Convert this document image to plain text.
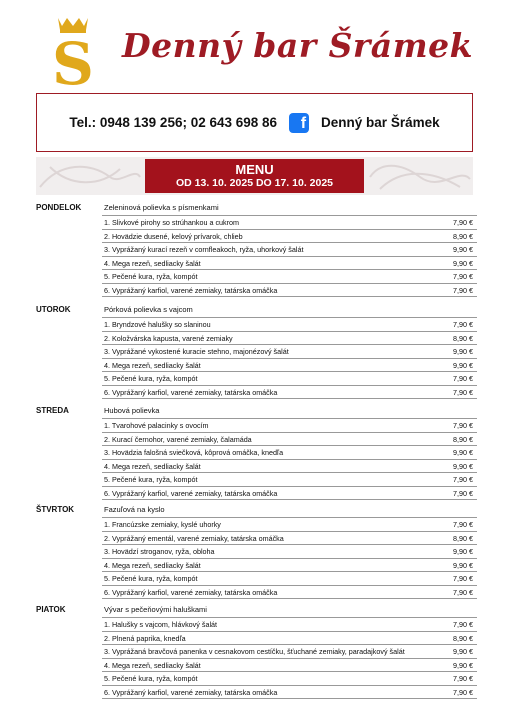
S Denný bar Šrámek
Tel.: 0948 139 256; 02 643 698 86	f Denný bar Šrámek
MENU
OD 13. 10. 2025 DO 17. 10. 2025
PONDELOK	Zeleninová polievka s písmenkami
1. Slivkové pirohy so strúhankou a cukrom	7,90 €
2. Hovädzie dusené, kelový prívarok, chlieb	8,90 €
3. Vyprážaný kurací rezeň v cornfleakoch, ryža, uhorkový šalát	9,90 €
4. Mega rezeň, sedliacky šalát	9,90 €
5. Pečené kura, ryža, kompót	7,90 €
6. Vyprážaný karfiol, varené zemiaky, tatárska omáčka	7,90 €
UTOROK	Pórková polievka s vajcom
1. Bryndzové halušky so slaninou	7,90 €
2. Koložvárska kapusta, varené zemiaky	8,90 €
3. Vyprážané vykostené kuracie stehno, majonézový šalát	9,90 €
4. Mega rezeň, sedliacky šalát	9,90 €
5. Pečené kura, ryža, kompót	7,90 €
6. Vyprážaný karfiol, varené zemiaky, tatárska omáčka	7,90 €
STREDA	Hubová polievka
1. Tvarohové palacinky s ovocím	7,90 €
2. Kurací černohor, varené zemiaky, čalamáda	8,90 €
3. Hovädzia falošná sviečková, kôprová omáčka, knedľa	9,90 €
4. Mega rezeň, sedliacky šalát	9,90 €
5. Pečené kura, ryža, kompót	7,90 €
6. Vyprážaný karfiol, varené zemiaky, tatárska omáčka	7,90 €
ŠTVRTOK	Fazuľová na kyslo
1. Francúzske zemiaky, kyslé uhorky	7,90 €
2. Vyprážaný ementál, varené zemiaky, tatárska omáčka	8,90 €
3. Hovädzí stroganov, ryža, obloha	9,90 €
4. Mega rezeň, sedliacky šalát	9,90 €
5. Pečené kura, ryža, kompót	7,90 €
6. Vyprážaný karfiol, varené zemiaky, tatárska omáčka	7,90 €
PIATOK	Vývar s pečeňovými haluškami
1. Halušky s vajcom, hlávkový šalát	7,90 €
2. Plnená paprika, knedľa	8,90 €
3. Vyprážaná bravčová panenka v cesnakovom cestíčku, šťuchané zemiaky, paradajkový šalát	9,90 €
4. Mega rezeň, sedliacky šalát	9,90 €
5. Pečené kura, ryža, kompót	7,90 €
6. Vyprážaný karfiol, varené zemiaky, tatárska omáčka	7,90 €
